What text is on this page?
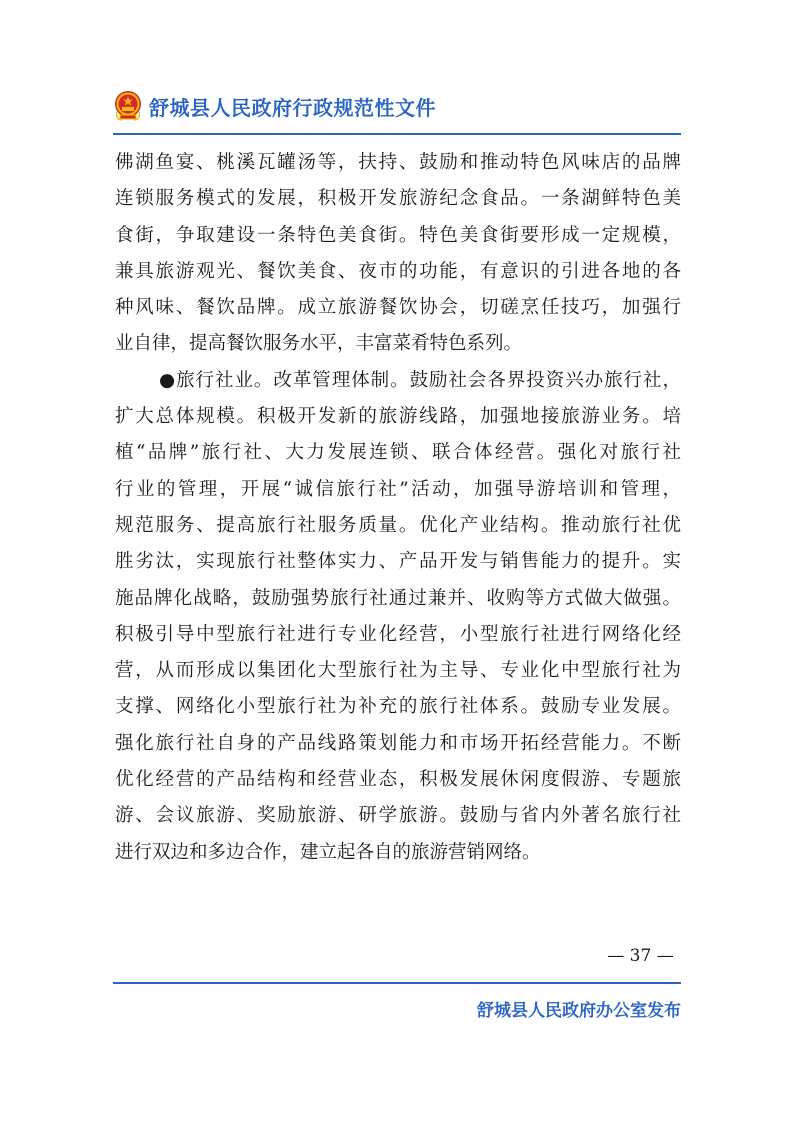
舒城县人民政府行政规范性文件
佛湖鱼宴、桃溪瓦罐汤等，扶持、鼓励和推动特色风味店的品牌
连锁服务模式的发展，积极开发旅游纪念食品。一条湖鲜特色美
食街，争取建设一条特色美食街。特色美食街要形成一定规模，
兼具旅游观光、餐饮美食、夜市的功能，有意识的引进各地的各
种风味、餐饮品牌。成立旅游餐饮协会，切磋烹任技巧，加强行
业自律，提高餐饮服务水平，丰富菜肴特色系列。
●旅行社业。改革管理体制。鼓励社会各界投资兴办旅行社，
扩大总体规模。积极开发新的旅游线路，加强地接旅游业务。培
植“品牌”旅行社、大力发展连锁、联合体经营。强化对旅行社
行业的管理，开展“诚信旅行社”活动，加强导游培训和管理，
规范服务、提高旅行社服务质量。优化产业结构。推动旅行社优
胜劣汰，实现旅行社整体实力、产品开发与销售能力的提升。实
施品牌化战略，鼓励强势旅行社通过兼并、收购等方式做大做强。
积极引导中型旅行社进行专业化经营，小型旅行社进行网络化经
营，从而形成以集团化大型旅行社为主导、专业化中型旅行社为
支撑、网络化小型旅行社为补充的旅行社体系。鼓励专业发展。
强化旅行社自身的产品线路策划能力和市场开拓经营能力。不断
优化经营的产品结构和经营业态，积极发展休闲度假游、专题旅
游、会议旅游、奖励旅游、研学旅游。鼓励与省内外著名旅行社
进行双边和多边合作，建立起各自的旅游营销网络。
— 37 —
舒城县人民政府办公室发布
